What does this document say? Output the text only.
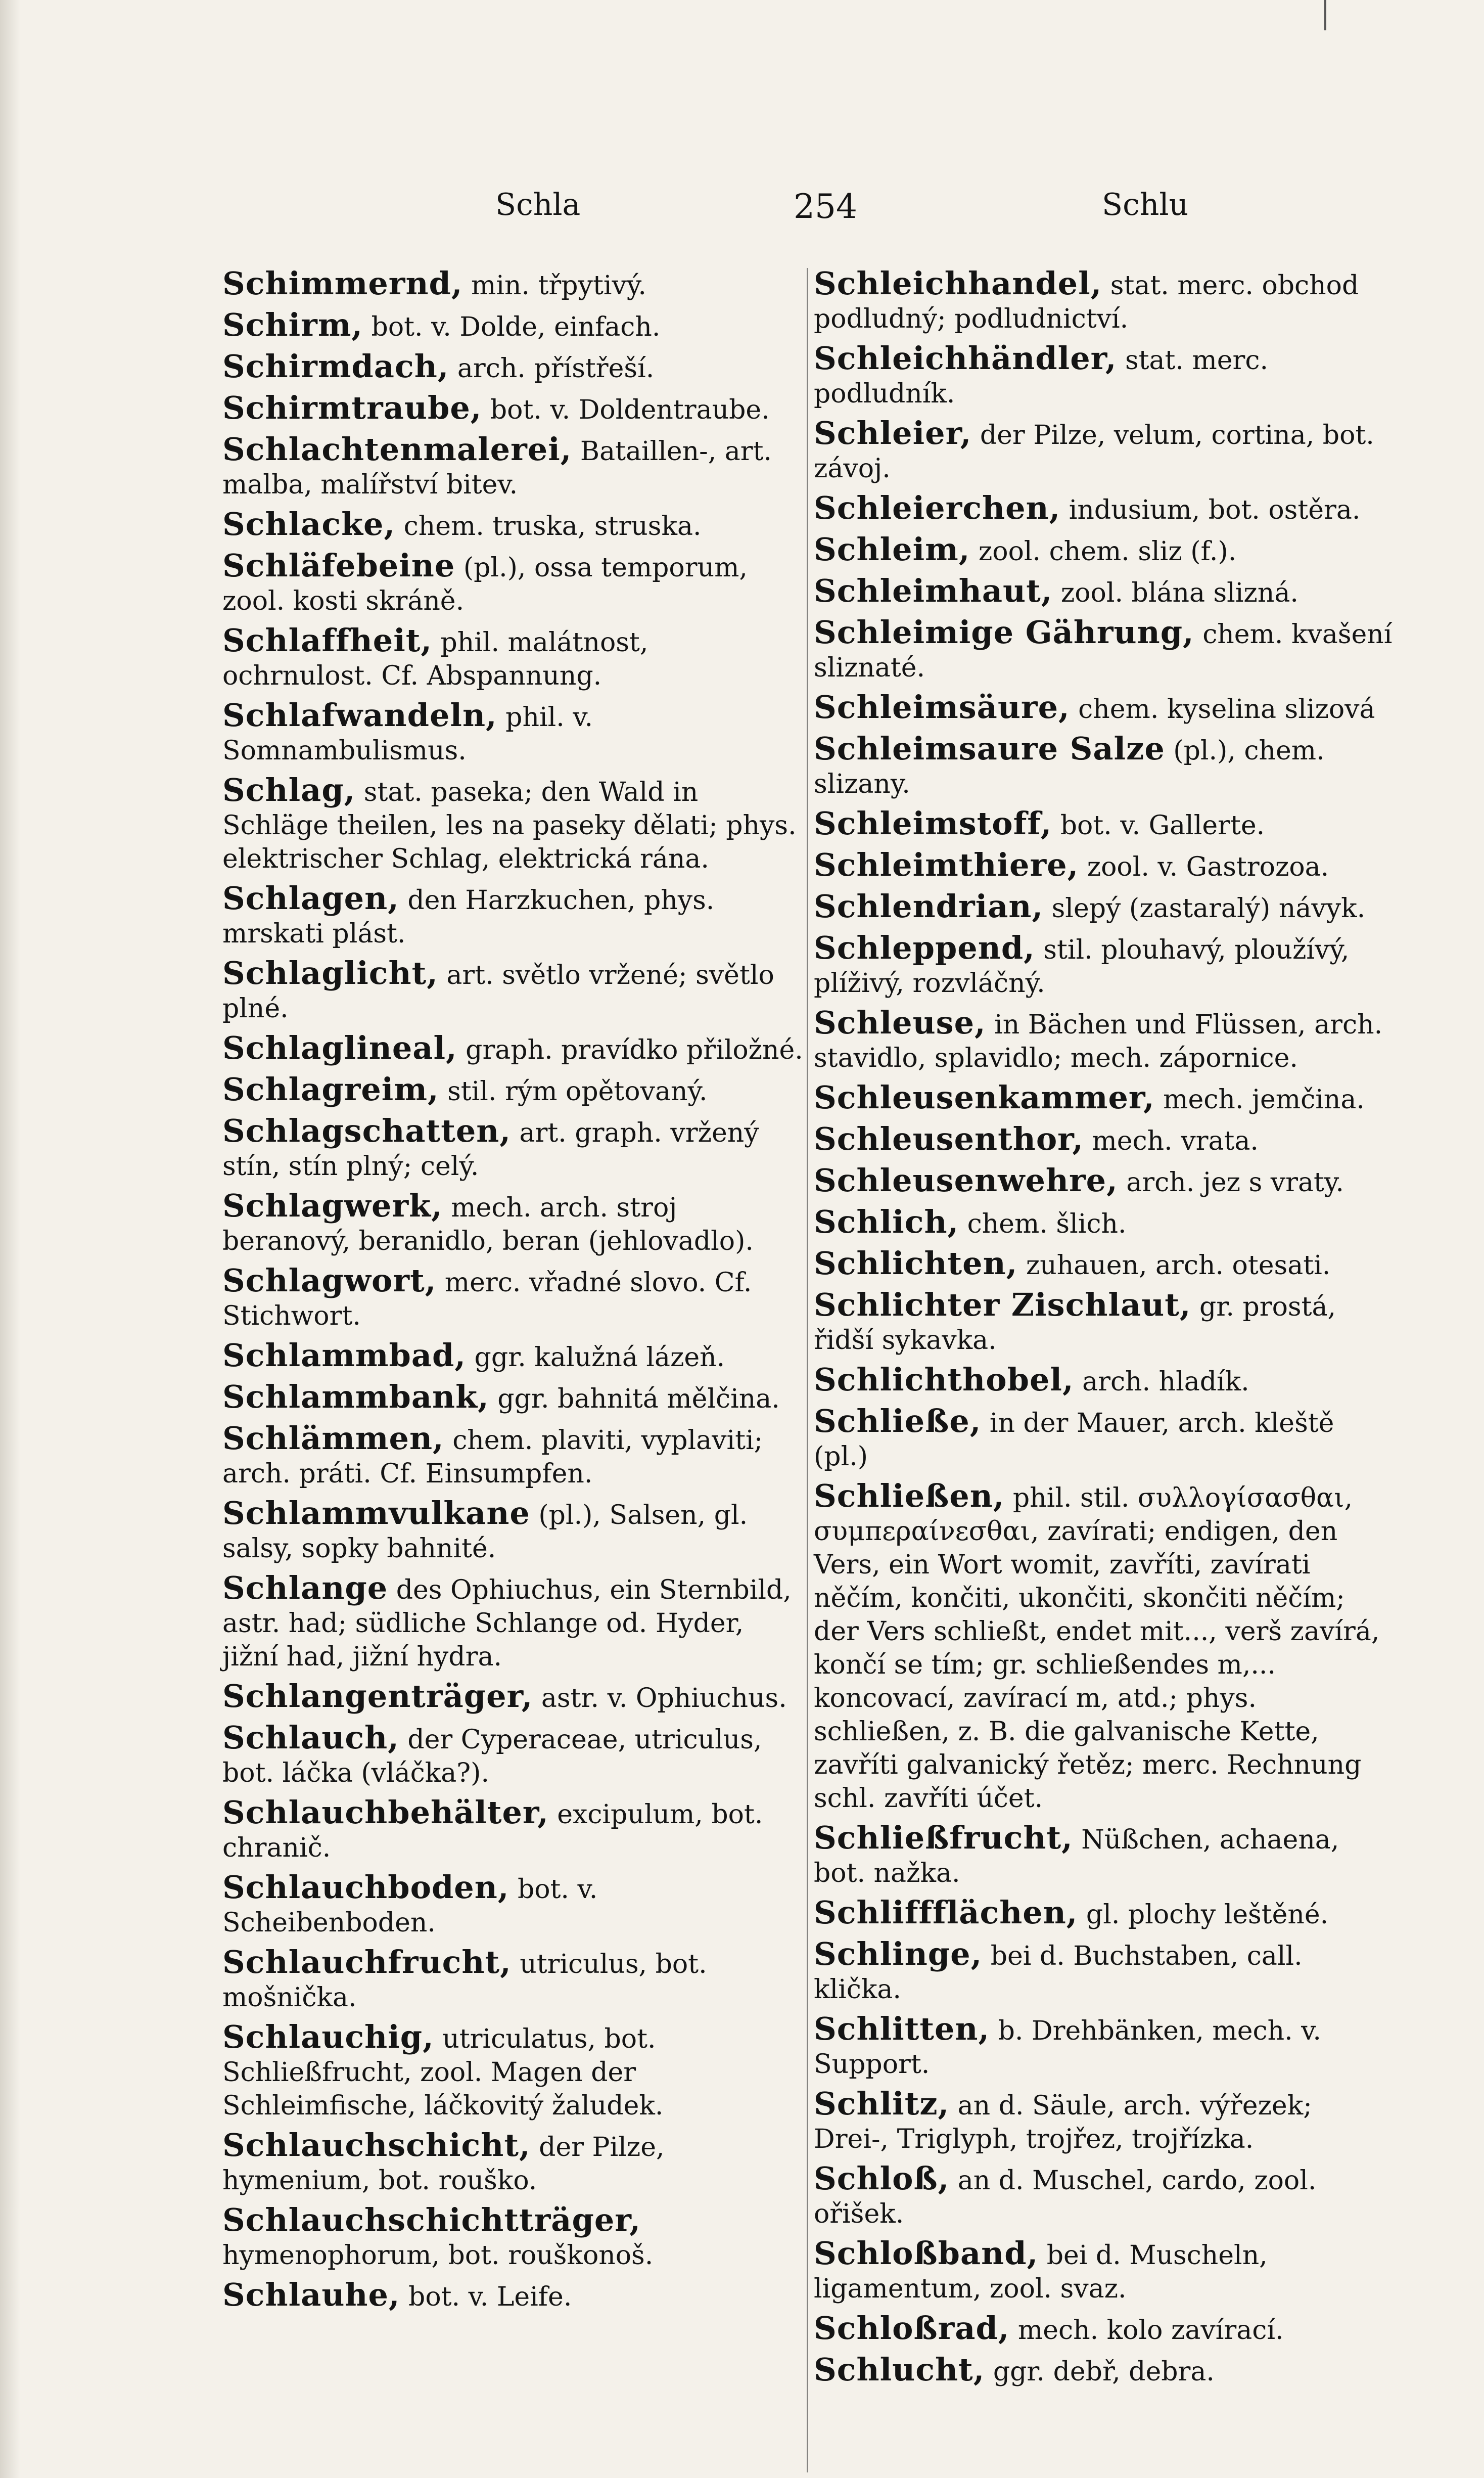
Schla	254	Schlu

Schimmernd, min. třpytivý.

Schirm, bot. v. Dolde, einfach.

Schirmdach, arch. přístřeší.

Schirmtraube, bot. v. Doldentraube.

Schlachtenmalerei, Bataillen-, art. malba, malířství bitev.

Schlacke, chem. truska, struska.

Schläfebeine (pl.), ossa temporum, zool. kosti skráně.

Schlaffheit, phil. malátnost, ochrnulost. Cf. Abspannung.

Schlafwandeln, phil. v. Somnambulismus.

Schlag, stat. paseka; den Wald in Schläge theilen, les na paseky dělati; phys. elektrischer Schlag, elektrická rána.

Schlagen, den Harzkuchen, phys. mrskati plást.

Schlaglicht, art. světlo vržené; světlo plné.

Schlaglineal, graph. pravídko přiložné.

Schlagreim, stil. rým opětovaný.

Schlagschatten, art. graph. vržený stín, stín plný; celý.

Schlagwerk, mech. arch. stroj beranový, beranidlo, beran (jehlovadlo).

Schlagwort, merc. vřadné slovo. Cf. Stichwort.

Schlammbad, ggr. kalužná lázeň.

Schlammbank, ggr. bahnitá mělčina.

Schlämmen, chem. plaviti, vyplaviti; arch. práti. Cf. Einsumpfen.

Schlammvulkane (pl.), Salsen, gl. salsy, sopky bahnité.

Schlange des Ophiuchus, ein Sternbild, astr. had; südliche Schlange od. Hyder, jižní had, jižní hydra.

Schlangenträger, astr. v. Ophiuchus.

Schlauch, der Cyperaceae, utriculus, bot. láčka (vláčka?).

Schlauchbehälter, excipulum, bot. chranič.

Schlauchboden, bot. v. Scheibenboden.

Schlauchfrucht, utriculus, bot. mošnička.

Schlauchig, utriculatus, bot. Schließfrucht, zool. Magen der Schleimfische, láčkovitý žaludek.

Schlauchschicht, der Pilze, hymenium, bot. rouško.

Schlauchschichtträger, hymenophorum, bot. rouškonoš.

Schlauhe, bot. v. Leife.

Schleichhandel, stat. merc. obchod podludný; podludnictví.

Schleichhändler, stat. merc. podludník.

Schleier, der Pilze, velum, cortina, bot. závoj.

Schleierchen, indusium, bot. ostěra.

Schleim, zool. chem. sliz (f.).

Schleimhaut, zool. blána slizná.

Schleimige Gährung, chem. kvašení sliznaté.

Schleimsäure, chem. kyselina slizová

Schleimsaure Salze (pl.), chem. slizany.

Schleimstoff, bot. v. Gallerte.

Schleimthiere, zool. v. Gastrozoa.

Schlendrian, slepý (zastaralý) návyk.

Schleppend, stil. plouhavý, ploužívý, plíživý, rozvláčný.

Schleuse, in Bächen und Flüssen, arch. stavidlo, splavidlo; mech. zápornice.

Schleusenkammer, mech. jemčina.

Schleusenthor, mech. vrata.

Schleusenwehre, arch. jez s vraty.

Schlich, chem. šlich.

Schlichten, zuhauen, arch. otesati.

Schlichter Zischlaut, gr. prostá, řidší sykavka.

Schlichthobel, arch. hladík.

Schließe, in der Mauer, arch. kleště (pl.)

Schließen, phil. stil. συλλογίσασθαι, συμπεραίνεσθαι, zavírati; endigen, den Vers, ein Wort womit, zavříti, zavírati něčím, končiti, ukončiti, skončiti něčím; der Vers schließt, endet mit..., verš zavírá, končí se tím; gr. schließendes m,... koncovací, zavírací m, atd.; phys. schließen, z. B. die galvanische Kette, zavříti galvanický řetěz; merc. Rechnung schl. zavříti účet.

Schließfrucht, Nüßchen, achaena, bot. nažka.

Schliffflächen, gl. plochy leštěné.

Schlinge, bei d. Buchstaben, call. klička.

Schlitten, b. Drehbänken, mech. v. Support.

Schlitz, an d. Säule, arch. výřezek; Drei-, Triglyph, trojřez, trojřízka.

Schloß, an d. Muschel, cardo, zool. ořišek.

Schloßband, bei d. Muscheln, ligamentum, zool. svaz.

Schloßrad, mech. kolo zavírací.

Schlucht, ggr. debř, debra.
